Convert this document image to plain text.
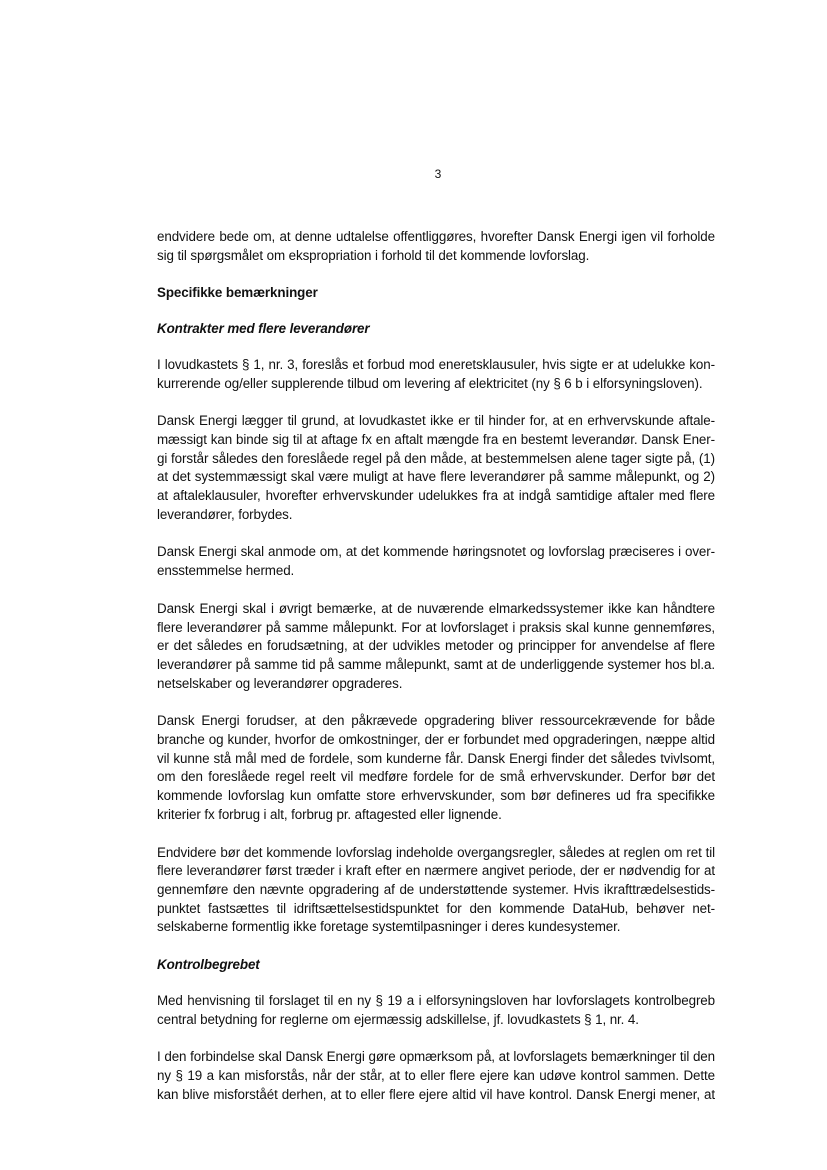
3

endvidere bede om, at denne udtalelse offentliggøres, hvorefter Dansk Energi igen vil forholde
sig til spørgsmålet om ekspropriation i forhold til det kommende lovforslag.

Specifikke bemærkninger
Kontrakter med flere leverandører

I lovudkastets § 1, nr. 3, foreslås et forbud mod eneretsklausuler, hvis sigte er at udelukke kon-
kurrerende og/eller supplerende tilbud om levering af elektricitet (ny § 6 b i elforsyningsloven).

Dansk Energi lægger til grund, at lovudkastet ikke er til hinder for, at en erhvervskunde aftale-
mæssigt kan binde sig til at aftage fx en aftalt mængde fra en bestemt leverandør. Dansk Ener-
gi forstår således den foreslåede regel på den måde, at bestemmelsen alene tager sigte på, (1)
at det systemmæssigt skal være muligt at have flere leverandører på samme målepunkt, og 2)
at aftaleklausuler, hvorefter erhvervskunder udelukkes fra at indgå samtidige aftaler med flere
leverandører, forbydes.

Dansk Energi skal anmode om, at det kommende høringsnotet og lovforslag præciseres i over-
ensstemmelse hermed.

Dansk Energi skal i øvrigt bemærke, at de nuværende elmarkedssystemer ikke kan håndtere
flere leverandører på samme målepunkt. For at lovforslaget i praksis skal kunne gennemføres,
er det således en forudsætning, at der udvikles metoder og principper for anvendelse af flere
leverandører på samme tid på samme målepunkt, samt at de underliggende systemer hos bl.a.
netselskaber og leverandører opgraderes.

Dansk Energi forudser, at den påkrævede opgradering bliver ressourcekrævende for både
branche og kunder, hvorfor de omkostninger, der er forbundet med opgraderingen, næppe altid
vil kunne stå mål med de fordele, som kunderne får. Dansk Energi finder det således tvivlsomt,
om den foreslåede regel reelt vil medføre fordele for de små erhvervskunder. Derfor bør det
kommende lovforslag kun omfatte store erhvervskunder, som bør defineres ud fra specifikke
kriterier fx forbrug i alt, forbrug pr. aftagested eller lignende.

Endvidere bør det kommende lovforslag indeholde overgangsregler, således at reglen om ret til
flere leverandører først træder i kraft efter en nærmere angivet periode, der er nødvendig for at
gennemføre den nævnte opgradering af de understøttende systemer. Hvis ikrafttrædelsestids-
punktet fastsættes til idriftsættelsestidspunktet for den kommende DataHub, behøver net-
selskaberne formentlig ikke foretage systemtilpasninger i deres kundesystemer.

Kontrolbegrebet

Med henvisning til forslaget til en ny § 19 a i elforsyningsloven har lovforslagets kontrolbegreb
central betydning for reglerne om ejermæssig adskillelse, jf. lovudkastets § 1, nr. 4.

I den forbindelse skal Dansk Energi gøre opmærksom på, at lovforslagets bemærkninger til den
ny § 19 a kan misforstås, når der står, at to eller flere ejere kan udøve kontrol sammen. Dette
kan blive misforståét derhen, at to eller flere ejere altid vil have kontrol. Dansk Energi mener, at
